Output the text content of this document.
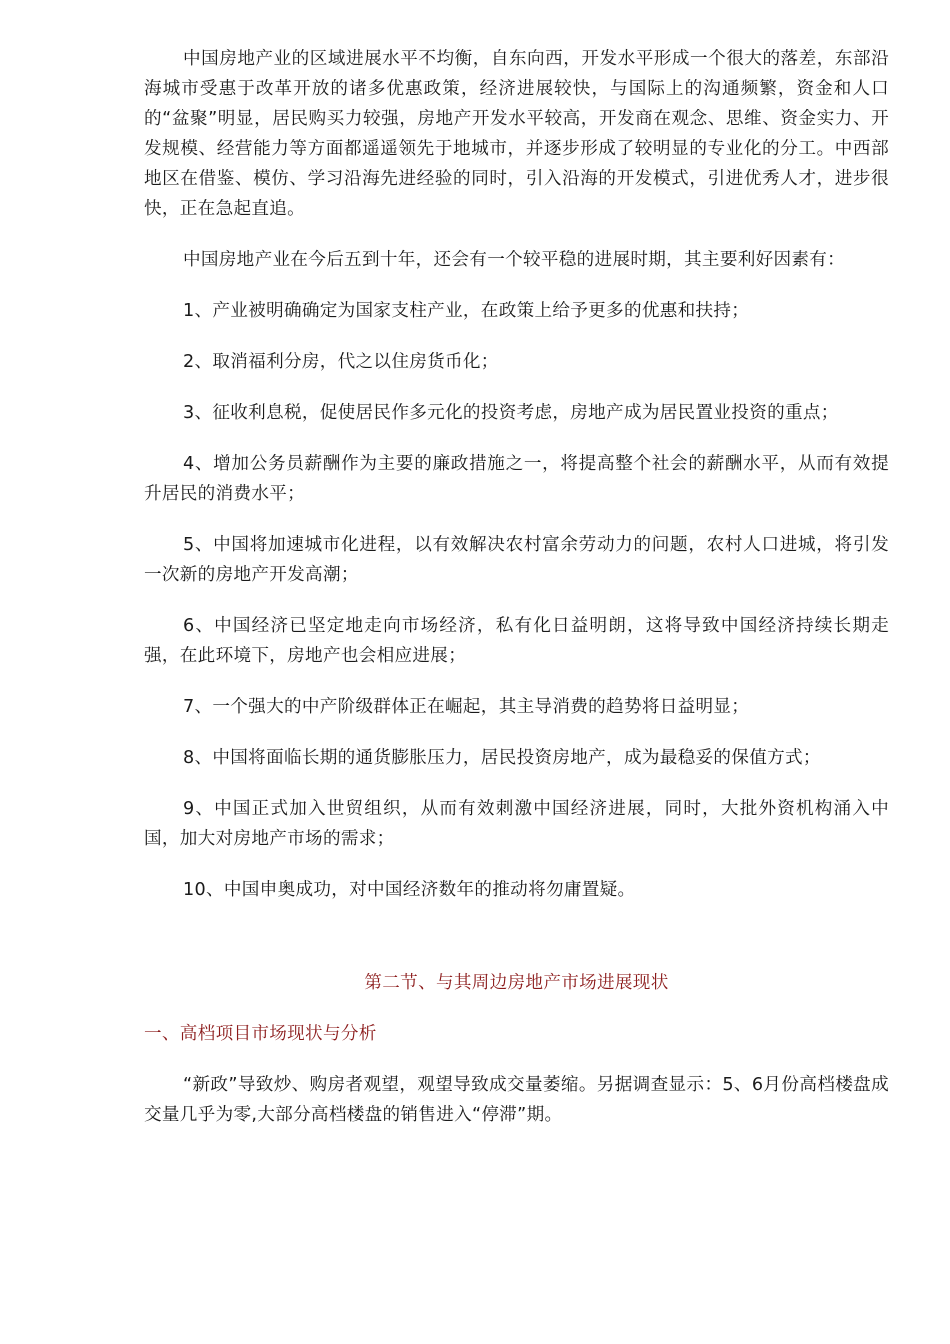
中国房地产业的区域进展水平不均衡，自东向西，开发水平形成一个很大的落差，东部沿海城市受惠于改革开放的诸多优惠政策，经济进展较快，与国际上的沟通频繁，资金和人口的“盆聚”明显，居民购买力较强，房地产开发水平较高，开发商在观念、思维、资金实力、开发规模、经营能力等方面都遥遥领先于地城市，并逐步形成了较明显的专业化的分工。中西部地区在借鉴、模仿、学习沿海先进经验的同时，引入沿海的开发模式，引进优秀人才，进步很快，正在急起直追。

中国房地产业在今后五到十年，还会有一个较平稳的进展时期，其主要利好因素有：

1、产业被明确确定为国家支柱产业，在政策上给予更多的优惠和扶持；

2、取消福利分房，代之以住房货币化；

3、征收利息税，促使居民作多元化的投资考虑，房地产成为居民置业投资的重点；

4、增加公务员薪酬作为主要的廉政措施之一，将提高整个社会的薪酬水平，从而有效提升居民的消费水平；

5、中国将加速城市化进程，以有效解决农村富余劳动力的问题，农村人口进城，将引发一次新的房地产开发高潮；

6、中国经济已坚定地走向市场经济，私有化日益明朗，这将导致中国经济持续长期走强，在此环境下，房地产也会相应进展；

7、一个强大的中产阶级群体正在崛起，其主导消费的趋势将日益明显；

8、中国将面临长期的通货膨胀压力，居民投资房地产，成为最稳妥的保值方式；

9、中国正式加入世贸组织，从而有效刺激中国经济进展，同时，大批外资机构涌入中国，加大对房地产市场的需求；

10、中国申奥成功，对中国经济数年的推动将勿庸置疑。

第二节、与其周边房地产市场进展现状

一、高档项目市场现状与分析

“新政”导致炒、购房者观望，观望导致成交量萎缩。另据调查显示：5、6月份高档楼盘成交量几乎为零,大部分高档楼盘的销售进入“停滞”期。
